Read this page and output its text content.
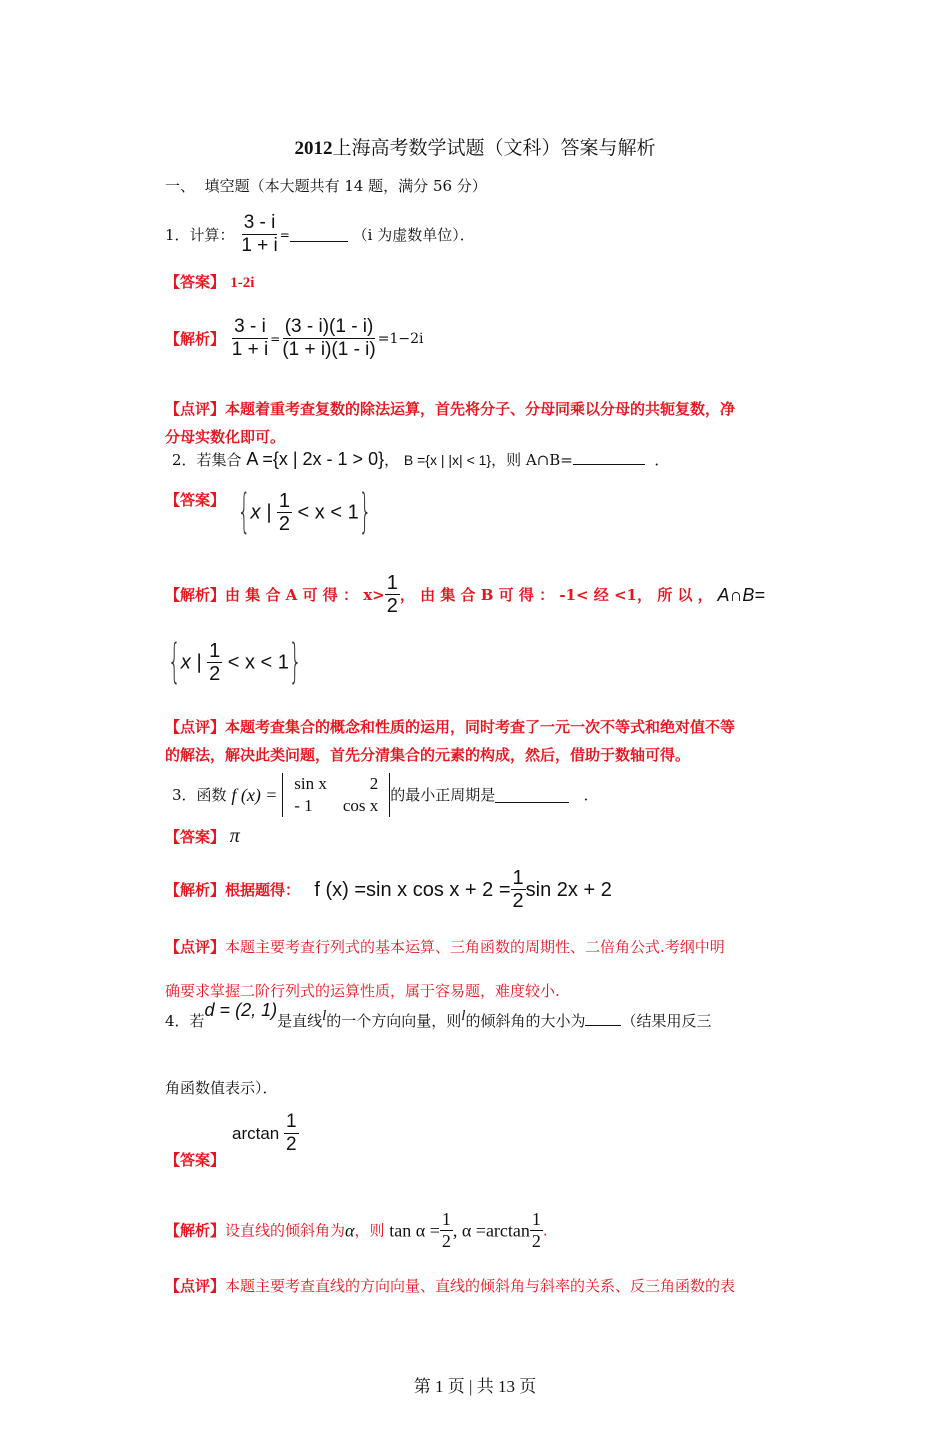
2012上海高考数学试题（文科）答案与解析
一、 填空题（本大题共有 14 题，满分 56 分）
1．计算： $\frac{3 - i}{1 + i}$ =	（i 为虚数单位）．
【答案】 1-2i
【解析】 $\frac{3 - i}{1 + i} = \frac{(3 - i)(1 - i)}{(1 + i)(1 - i)} =1-2i$
【点评】本题着重考查复数的除法运算，首先将分子、分母同乘以分母的共轭复数，净
分母实数化即可。
2．若集合 A ={x | 2x - 1 > 0}， B ={x | |x| < 1}，则 A∩B=	．
【答案】 {x | $\frac{1}{2} < x < 1$}
【解析】由 集 合 A 可 得 ： $x> \frac{1}{2}$ ， 由 集 合 B 可 得 ： -1< 经 <1， 所 以 ， A∩B=
{x | $\frac{1}{2} < x < 1$}
【点评】本题考查集合的概念和性质的运用，同时考查了一元一次不等式和绝对值不等
的解法，解决此类问题，首先分清集合的元素的构成，然后，借助于数轴可得。
3．函数 f (x) = sin x	2
- 1	cos x的最小正周期是	．
【答案】 π
【解析】根据题得： f (x) =sin x $\cos x + 2 = \frac{1}{2}$ sin 2x + 2
【点评】本题主要考查行列式的基本运算、三角函数的周期性、二倍角公式.考纲中明
确要求掌握二阶行列式的运算性质，属于容易题，难度较小.
4．若d = (2, 1)是直线l的一个方向向量，则l的倾斜角的大小为 （结果用反三
角函数值表示）．
$\arctan \frac{1}{2}$
【答案】
【解析】设直线的倾斜角为α，则 $\tan \alpha = \frac{1}{2}$ , $\alpha =\arctan \frac{1}{2}$ .
【点评】本题主要考查直线的方向向量、直线的倾斜角与斜率的关系、反三角函数的表
第 1 页 | 共 13 页
